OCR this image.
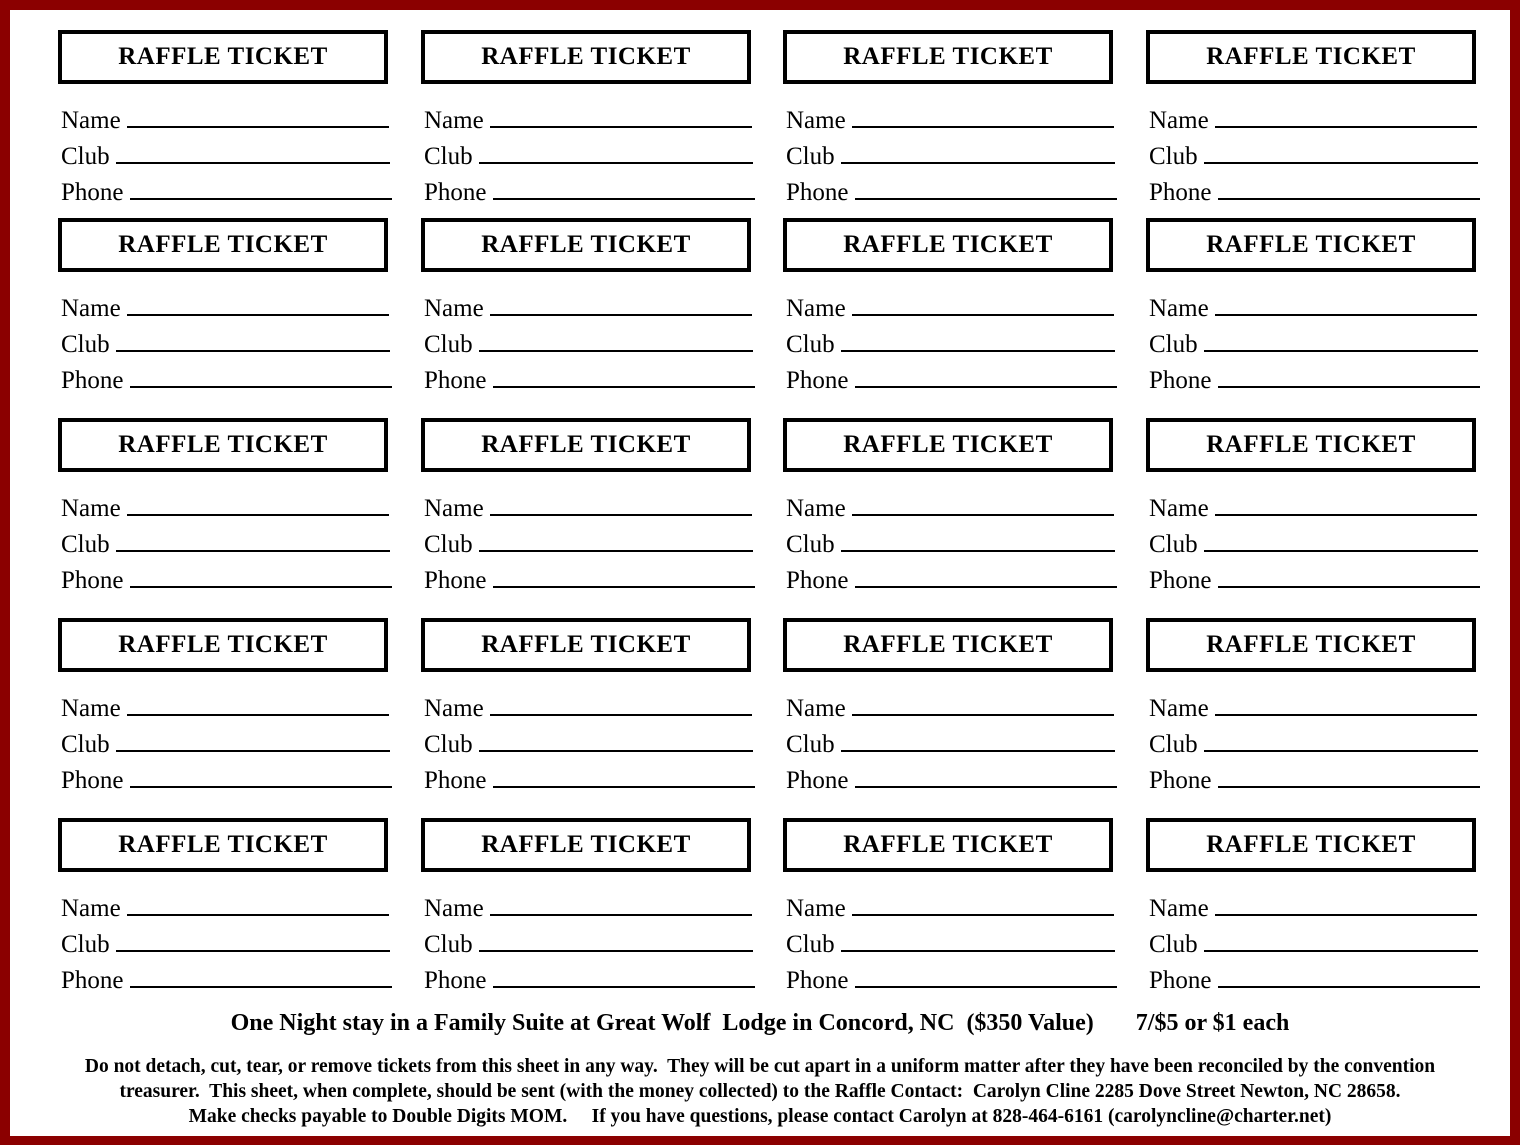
RAFFLE TICKET
Name
Club
Phone
RAFFLE TICKET
Name
Club
Phone
RAFFLE TICKET
Name
Club
Phone
RAFFLE TICKET
Name
Club
Phone
RAFFLE TICKET
Name
Club
Phone
RAFFLE TICKET
Name
Club
Phone
RAFFLE TICKET
Name
Club
Phone
RAFFLE TICKET
Name
Club
Phone
RAFFLE TICKET
Name
Club
Phone
RAFFLE TICKET
Name
Club
Phone
RAFFLE TICKET
Name
Club
Phone
RAFFLE TICKET
Name
Club
Phone
RAFFLE TICKET
Name
Club
Phone
RAFFLE TICKET
Name
Club
Phone
RAFFLE TICKET
Name
Club
Phone
RAFFLE TICKET
Name
Club
Phone
RAFFLE TICKET
Name
Club
Phone
RAFFLE TICKET
Name
Club
Phone
RAFFLE TICKET
Name
Club
Phone
RAFFLE TICKET
Name
Club
Phone
One Night stay in a Family Suite at Great Wolf  Lodge in Concord, NC  ($350 Value) 7/$5 or $1 each
Do not detach, cut, tear, or remove tickets from this sheet in any way.  They will be cut apart in a uniform matter after they have been reconciled by the convention
treasurer.  This sheet, when complete, should be sent (with the money collected) to the Raffle Contact:  Carolyn Cline 2285 Dove Street Newton, NC 28658.
Make checks payable to Double Digits MOM.     If you have questions, please contact Carolyn at 828-464-6161 (carolyncline@charter.net)
